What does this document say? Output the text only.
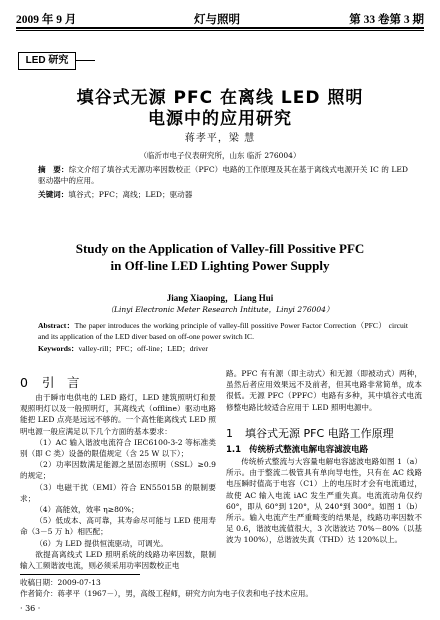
2009 年 9 月	灯与照明	第 33 卷第 3 期
LED 研究
填谷式无源 PFC 在离线 LED 照明
电源中的应用研究
蒋孝平，梁 慧
（临沂市电子仪表研究所，山东 临沂 276004）
摘　要：综文介绍了填谷式无源功率因数校正（PFC）电路的工作原理及其在基于离线式电源开关 IC 的 LED 驱动器中的应用。
关键词：填谷式；PFC；离线；LED；驱动器
Study on the Application of Valley-fill Possitive PFC
in Off-line LED Lighting Power Supply
Jiang Xiaoping，Liang Hui
（Linyi Electronic Meter Research Intitute，Linyi 276004）
Abstract：The paper introduces the working principle of valley-fill possitive Power Factor Correction（PFC） circuit and its application of the LED diver based on off-one power switch IC.
Keywords：valley-rill；PFC；off-line；LED；driver
0 引　言

由于瞬市电供电的 LED 路灯，LED 建筑照明灯和景观照明灯以及一般照明灯，其离线式（offline）驱动电路能把 LED 点亮是远远不够的。一个高性能离线式 LED 照明电源一般应满足以下几个方面的基本要求：

（1）AC 输入谐波电流符合 IEC6100-3-2 等标准类别（即 C 类）设备的限值规定（含 25 W 以下）；

（2）功率因数满足能源之星固态照明（SSL）≥0.9 的规定；

（3）电磁干扰（EMI）符合 EN55015B 的限制要求；

（4）高能效，效率 η≥80%；

（5）低成本、高可靠，其寿命尽可能与 LED 使用寿命（3－5 万 h）相匹配；

（6）为 LED 提供恒流驱动，可调光。

欲提高离线式 LED 照明系统的线路功率因数，限制输入工频谐波电流，则必须采用功率因数校正电

路。PFC 有有源（即主动式）和无源（即被动式）两种，虽然后者应用效果远不及前者，但其电路非常简单，成本很低。无源 PFC（PPFC）电路有多种，其中填谷式电流修整电路比较适合应用于 LED 照明电源中。

1 填谷式无源 PFC 电路工作原理
1.1 传统桥式整流电解电容滤波电路

传统桥式整流与大容量电解电容滤波电路如图 1（a）所示。由于整流二极管具有单向导电性，只有在 AC 线路电压瞬时值高于电容（C1）上的电压时才会有电流通过，故使 AC 输入电流 iAC 发生严重失真。电流流动角仅约 60°，即从 60°到 120°，从 240°到 300°。如图 1（b）所示。输入电流产生严重畸变的结果是，线路功率因数不足 0.6，谐波电流值很大，3 次谐波达 70%－80%（以基波为 100%），总谐波失真（THD）达 120%以上。

收稿日期：2009-07-13
作者简介：蒋孝平（1967－），男，高级工程师，研究方向为电子仪表和电子技术应用。
· 36 ·
